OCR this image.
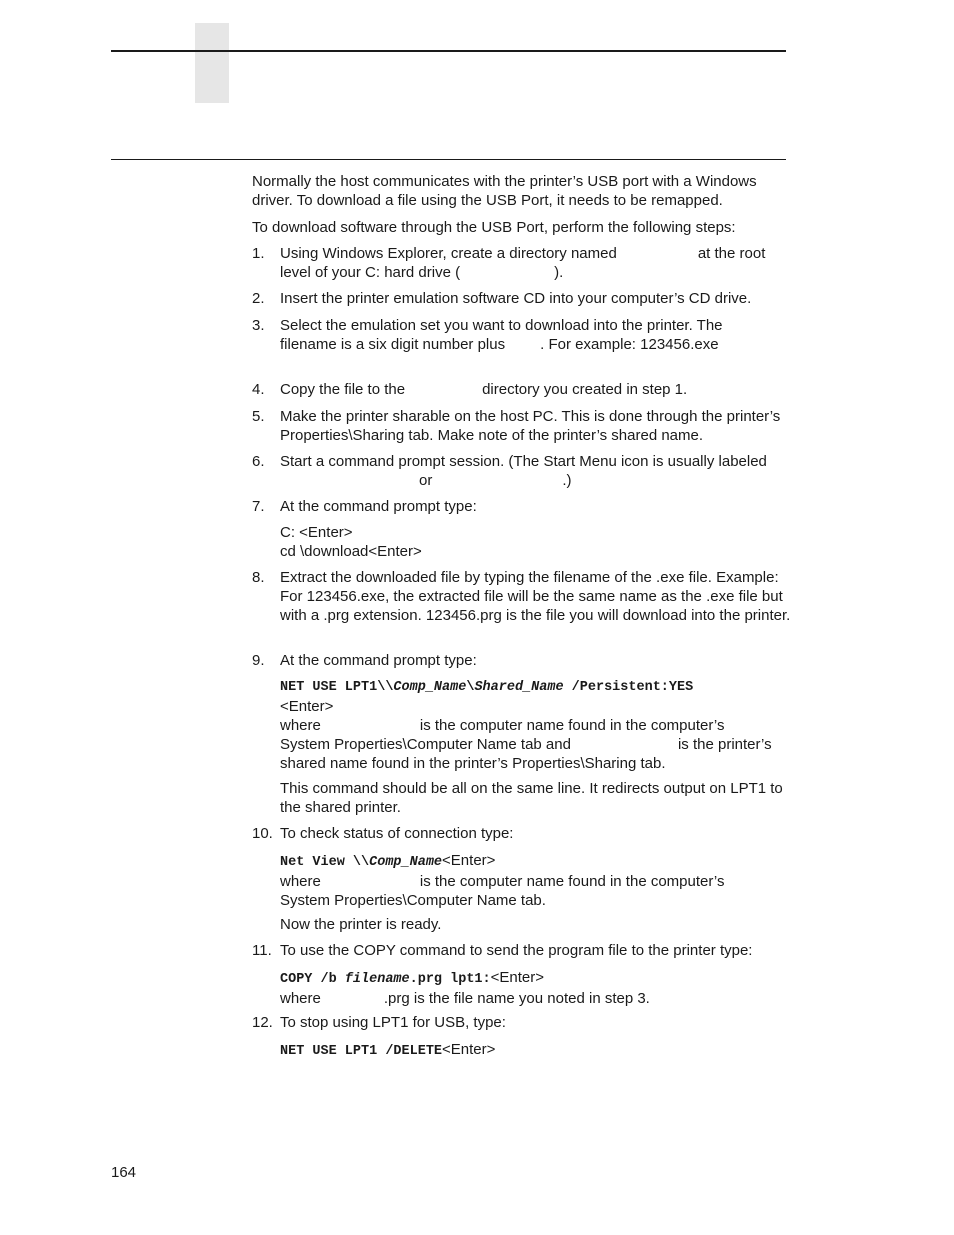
Normally the host communicates with the printer’s USB port with a Windows driver. To download a file using the USB Port, it needs to be remapped.
To download software through the USB Port, perform the following steps:
1.	Using Windows Explorer, create a directory named	at the root
level of your C: hard drive (	).
2.	Insert the printer emulation software CD into your computer’s CD drive.
3.	Select the emulation set you want to download into the printer. The
filename is a six digit number plus . For example: 123456.exe
4.	Copy the file to the	directory you created in step 1.
5.	Make the printer sharable on the host PC. This is done through the printer’s Properties\Sharing tab. Make note of the printer’s shared name.
6.	Start a command prompt session. (The Start Menu icon is usually labeled
or	.)
7.	At the command prompt type:
C: <Enter>
cd \download<Enter>
8.	Extract the downloaded file by typing the filename of the .exe file. Example: For 123456.exe, the extracted file will be the same name as the .exe file but with a .prg extension. 123456.prg is the file you will download into the printer.
9.	At the command prompt type:
NET USE LPT1\\Comp_Name\Shared_Name /Persistent:YES
<Enter>
where	is the computer name found in the computer’s
System Properties\Computer Name tab and	is the printer’s
shared name found in the printer’s Properties\Sharing tab.
This command should be all on the same line. It redirects output on LPT1 to the shared printer.
10. To check status of connection type:
Net View \\Comp_Name<Enter>
where	is the computer name found in the computer’s
System Properties\Computer Name tab.
Now the printer is ready.
11. To use the COPY command to send the program file to the printer type:
COPY /b filename.prg lpt1:<Enter>
where	.prg is the file name you noted in step 3.
12. To stop using LPT1 for USB, type:
NET USE LPT1 /DELETE<Enter>
164
